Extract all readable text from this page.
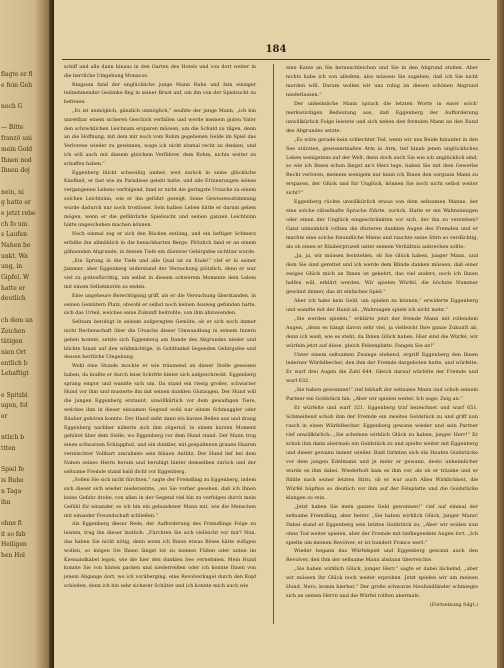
flagte er fi
e fein Geb
noch G
— Bitte
franzö uni
mein Gold
Ihnen nod
Ihnen doj
nein, ni
g hatte er
e jetzt rebe
ch fo um
s Laufen
Nahen bo
unkt. Wa
ung, in
Gipfel. W
hatte er
deutlich
ch dem un
Zeichen
tätigen
nien Ort
entlich b
Lehaftigt
e Spitzbi
ugen, fol
er
ntlich b
ttten
Spiel fe
is Ruhe
n Taga
ihn
ohne fi
it so fab
Heiligen
hen Hol
184

schiff und alle dann hinaus in den Garten des Hotels und von dort weiter in die herrliche Umgebung Monacos.

Ringsum fand der unglückliche junge Mann Ruhe und fein einziger teilnehmender Gedanke fing in seiner Brust auf, um ihn von der Spielsucht zu befreien.

„Es ist unmöglich, gänzlich unmöglich,“ seufzte der junge Mann, „ich bin unrettbar einem sicheren Geschick verfallen und werde meinem guten Vater den schrecklichen Leichnam ersparen müssen, um die Schuld zu tilgen, denn an die Hoffnung, mit dem mir noch vom Rohm gegebenen Gelde im Spiel das Verlorene wieder zu gewinnen, wage ich nicht einmal recht zu denken, und ich will auch mit diesem gleichem Verführer, dem Rohm, nichts weiter zu schaffen haben.“

Eggenberg blickt schweißig umher, weit zurück in seine glückliche Kindheit, er fast wie im Paradiese gelebt hatte, und alle Erinnerungen seines vergangenen Lebens verfolgend, fand er nicht die geringste Ursache zu einem solchen Leichtsinn, wie er ihn geführt gezeigt. Seine Gewissensstimmung wurde dadurch nur noch trostloser. Sein halbes Leben hätte er darum geben mögen, wenn er die gefährliche Spielsucht und seinen ganzen Leichtsinn hätte ungeschehen machen können.

Noch einmal zog er sich den Rücken entlang, und ein heftiger Schmerz erfaßte ihn allmählich in die benachbarten Berge. Plötzlich fand er an einem gähnenden Abgrunde, in dessen Tiefe ein düsterer Gebirgsfee sichtbar wurde.

„Ein Sprung in die Tiefe und alle Qual ist zu Ende!“ rief er in seiner Jammer, aber Eggenberg widerstand der Versuchung plötzlich, denn er war viel zu gottesfürchtig, um selbst in diesem schwerem Momente dem Leben mit einem Selbstmorde zu enden.

Eine ungeheure Berechtigung griff, als er die Versuchung überstanden, in seinen Gemütern Platz, obwohl er selbst noch keinen Ausweg gefunden hatte, sich das Urteil, welches seine Zukunft bedrohte, von ihm abzuwenden.

Seltsam beruhigt in seinem aufgeregten Gemüte, ob er sich noch immer nicht Rechenschaft über die Ursache dieser Umwandlung in seinem Innern geben konnte, setzte sich Eggenberg am Rande des Abgrundes nieder und blickte hinab auf den wildmächtige, in Goldfunkel liegenden Gebirgsfee und dessen herrliche Umgebung.

Wohl eine Stunde mochte er wie träumend an dieser Stelle gesessen haben, da mußte er durch leise Schritte hinter sich aufgeschreckt. Eggenberg sprang empor und wandte sich um. Da stand ein riesig großer, schwarzer Hund vor ihm und musterte ihn mit seinen dunklen Glutaugen. Der Hund will die jungen Eggenberg erstaunt, unwillkürlich vor dem gewaltigen Tiere, welches ihm in dieser einsamen Gegend wohl nur einem Schmuggler oder Räuber gehören konnte. Der Hund sieht dann ein kurzes Bellen aus und drang Eggenberg nachher näherte sich ihm zögernd, in einem kurzen Moment gehütet über dem Stelle, wo Eggenberg vor dem Hund stand. Der Mann trug einen schwarzen Schlapphut, und ein dunkler, mit gespaltenen grauen Haaren vermischter Vollbart umrahmte sein bläuen Antlitz. Der Hund lief bei dem Nahen seines Herrn herum und beruhigt hinter demselben zurück und der seltsame Fremde stand bald dicht vor Eggenberg.

„Sollen Sie sich nicht fürchten,“ sagte der Fremdling zu Eggenberg, indem sich dieser sich wieder niedersetzte, „wo Sie vorher gesehen, daß ich Ihnen keine Gefahr drohe, von allen in der Gegend viel bin zu verfolgen durch mein Gefühl für einander, so ich bin ein gebundener Mann mit, wie die Menschen mit einander Freundschaft schließen.“

Als Eggenberg dieser Rede, der Aufforderung des Fremdlings Folge zu leisten, trug ihn dieser lautlich: „Fürchten Sie sich vielleicht vor mir? Nun, das haben Sie nicht nötig, denn wenn ich Ihnen etwas Böses hätte zufügen wollen, so mögen Sie Ihnen längst tot zu meinen Füßen oder unten im Kiessandkabel legen, wie die hier den dunklen See vernehmen. Mein Hund konnte Sie von hinten packen und niederreißen oder ich konnte Ihnen von jenem Abgange dort, wo ich vorüberging, eine Revolverkugel durch den Kopf schießen, denn ich bin sehr sicherer Schütze und ich konnte mich auch wie

eine Katze an Sie heranschleichen und Sie in den Abgrund stoßen. Aber nichts habe ich von alledem, also müssen Sie zugeben, daß ich Sie nicht morden will. Darum wollen wir uns ruhig an diesen schönen Abgrund niederlassen.“

Der unheimliche Mann sprach die letzten Worte in einer solch' merkwürdigen Bedeutung aus, daß Eggenberg der Aufforderung unwillkürlich Folge leistete und sich neben den fremden Mann an den Rand des Abgrundes setzte.

„Es wäre gerade kein schlechter Tod, wenn wir uns Beide hinunter in den See stürzten, gewissermaßen Arm in Arm, tief hinab jenen unglückliches Leben wenigstens auf der Welt, denn doch auch Sie wie ich unglücklich sind, so wie ich Ihnen schon längst an's Herz lege, haben Sie mit dem Gewerbe Recht verloren, meinem wenigem nur kann ich Ihnen den sorgsam Mann zu ersparen, der Glück und Ihr Unglück, können Sie noch nicht selbst weiter sicht?“

Eggenberg rückte unwillkürlich etwas von dem seltsamen Manne, der eine solche rätselhafte Sprache führte, zurück. Hatte er ein Wahnsinnigen oder einen der Unglück eingeschränkten vor sich, der ihn zu verstehen? Ganz unheimlich rollten die düsteren dunklen Augen des Fremden und er machte eine solche freundliche Miene und rauchte seine Stirn so verdächtig, als ob einen er Räuberprozeß unter seinem Verhältnis anbrechen sollte.

„Ja, ja, wir müssen feststellen, ob Sie Glück haben, junger Mann, und dem Sie sind gerettet und ich werde dem Blinde danken müssen, daß einer ewiges Glück mich an Ihnen ist gekehrt, das viel anders, noch ich Ihnen helfen will, erklärt werden. Wir spielen Würfel, die höchste Nummer gewinnt immer, das ist einfaches Spiel.“

Aber ich habe kein Geld, um spielen zu können,“ erwiderte Eggenberg und wandte mit der Hand ab. „Wahrsagen spiele ich nicht mehr.“

„Sie werden spielen,“ erklärte jetzt der fremde Mann mit rollendem Augen, „denn es hängt davon sehr viel, ja vielleicht Ihre ganze Zukunft ab, denn ich weiß, wie es steht, da Ihnen Glück haben. Hier sind die Würfel, wir würfeln jetzt auf diese, gleich Felsenplatte. Fangen Sie an!“

Unter einem seltsamen Zwange stehend, ergriff Eggenberg den Ihnen lederner Würfelbecher, den ihm der Fremde dargeboten hatte, und würfelte. Er warf drei Augen die Zahl 644. Gleich darauf würfelte der Fremde und warf 632.

„Sie haben gewonnen!“ rief lebhaft der seltsame Mann und schob seinem Partner ein Goldstück hin. „Aber wir spielen weiter. Ich sage: Zeig an.“

Er würfelte und warf 321. Eggenberg traf bezeichnet und warf 651. Schmeißend schob ihm der Fremde ein zweites Goldstück zu und griff nun rasch in einen Würfelbecher. Eggenberg gewann wieder und sein Partner rief unwillkürlich: „Sie scheinen wirklich Glück zu haben, junger Herr!“ Er schob ihm dann abermals ein Goldstück zu und spielte weiter mit Eggenberg und dieser gewann immer wieder. Bald türmten sich ein Haufen Goldstücke vor dem jungen Edelmann und je mehr er gewann, desto unheimlicher wurde es ihm dabei. Wiederholt kam es ihm vor, als ob er träume und er fühlte nach seiner letzten Stirn, ob er war auch Alles Wirklichkeit, die Würfel hüpften so deutlich vor ihm auf der Felsplatte und die Goldstücke klangen so rein.

„Jetzt haben Sie mein ganzes Geld gewonnen!“ rief auf einmal der seltsame Fremdling, aber heiter. „Sie haben wirklich Glück, junger Mann! Dabei stand er Eggenberg sein letztes Goldstück zu. „Aber wir wollen nun ohne Tod weiter spielen, aber der Fremde mit tiefliegendem Augen fort. „Ich spielte um meinen Revolver, er ist hundert Francs wert.“

Wieder begann das Würfelspiel und Eggenberg gewann auch den Revolver, den ihm der seltsame Mann alsdann überreichte.

„Sie haben wirklich Glück, junger Herr,“ sagte er dabei lächelnd, „aber wir müssen Ihr Glück noch weiter erproben. Jetzt spielen wir um meinen Hund. Nero, komm hierher.“ Der große schwarze Neufundländer schmiegte sich an seinen Herrn und die Würfel rollten abermals.

(Fortsetzung folgt.)
